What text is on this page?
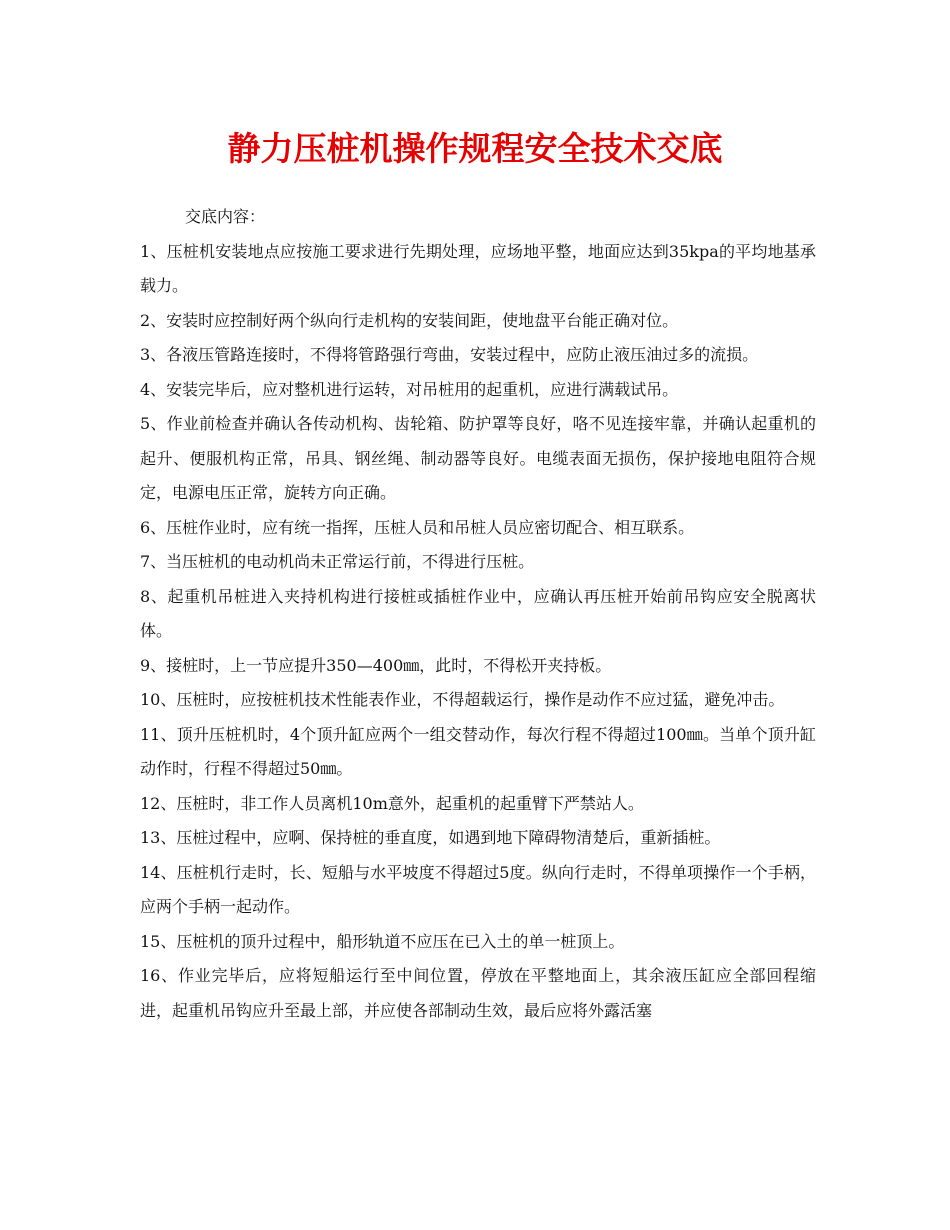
静力压桩机操作规程安全技术交底

交底内容：

1、压桩机安装地点应按施工要求进行先期处理，应场地平整，地面应达到35kpa的平均地基承载力。

2、安装时应控制好两个纵向行走机构的安装间距，使地盘平台能正确对位。

3、各液压管路连接时，不得将管路强行弯曲，安装过程中，应防止液压油过多的流损。

4、安装完毕后，应对整机进行运转，对吊桩用的起重机，应进行满载试吊。

5、作业前检查并确认各传动机构、齿轮箱、防护罩等良好，咯不见连接牢靠，并确认起重机的起升、便服机构正常，吊具、钢丝绳、制动器等良好。电缆表面无损伤，保护接地电阻符合规定，电源电压正常，旋转方向正确。

6、压桩作业时，应有统一指挥，压桩人员和吊桩人员应密切配合、相互联系。

7、当压桩机的电动机尚未正常运行前，不得进行压桩。

8、起重机吊桩进入夹持机构进行接桩或插桩作业中，应确认再压桩开始前吊钩应安全脱离状体。

9、接桩时，上一节应提升350—400㎜，此时，不得松开夹持板。

10、压桩时，应按桩机技术性能表作业，不得超载运行，操作是动作不应过猛，避免冲击。

11、顶升压桩机时，4个顶升缸应两个一组交替动作，每次行程不得超过100㎜。当单个顶升缸动作时，行程不得超过50㎜。

12、压桩时，非工作人员离机10m意外，起重机的起重臂下严禁站人。

13、压桩过程中，应啊、保持桩的垂直度，如遇到地下障碍物清楚后，重新插桩。

14、压桩机行走时，长、短船与水平坡度不得超过5度。纵向行走时，不得单项操作一个手柄，应两个手柄一起动作。

15、压桩机的顶升过程中，船形轨道不应压在已入土的单一桩顶上。

16、作业完毕后，应将短船运行至中间位置，停放在平整地面上，其余液压缸应全部回程缩进，起重机吊钩应升至最上部，并应使各部制动生效，最后应将外露活塞
